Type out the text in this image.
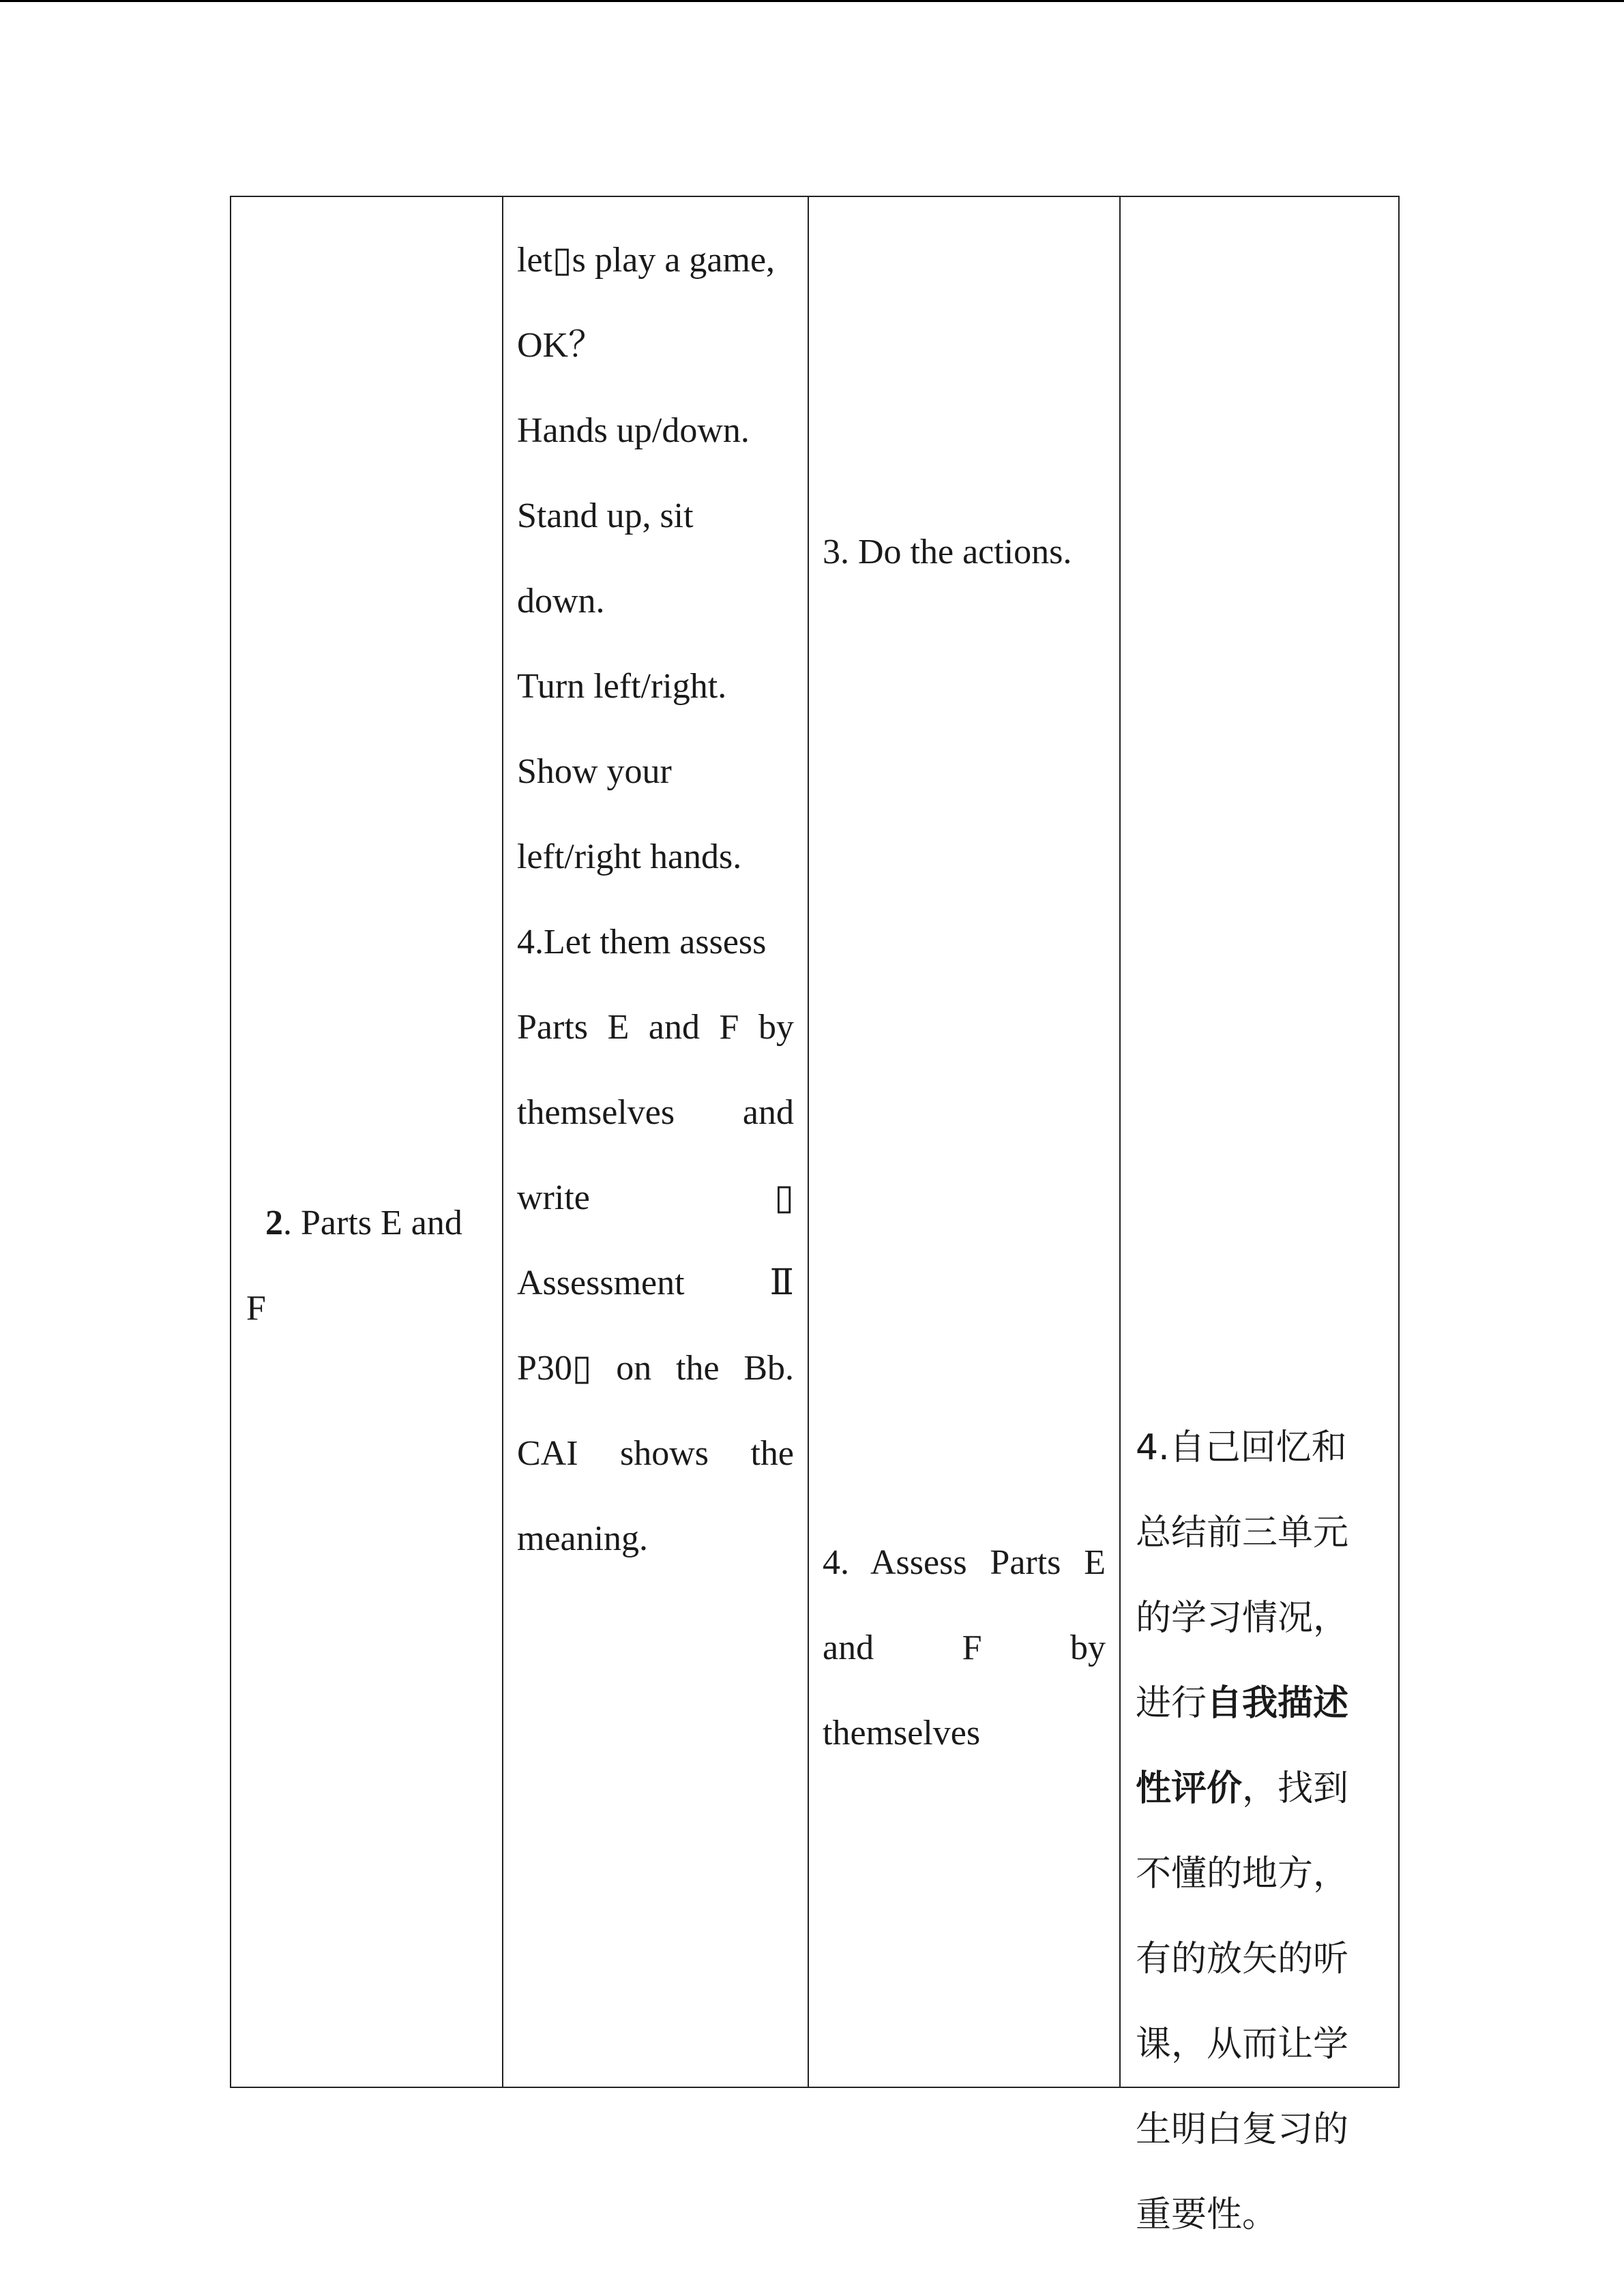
2. Parts E and
F

let▯s play a game,
OK？
Hands up/down.
Stand up, sit
down.
Turn left/right.
Show your
left/right hands.
4.Let them assess
Parts E and F by
themselves and
write	▯
Assessment Ⅱ
P30▯ on the Bb.
CAI shows the
meaning.

3. Do the actions.
4. Assess Parts E
and F by
themselves

4.自己回忆和
总结前三单元
的学习情况，
进行自我描述
性评价，找到
不懂的地方，
有的放矢的听
课，从而让学
生明白复习的
重要性。
